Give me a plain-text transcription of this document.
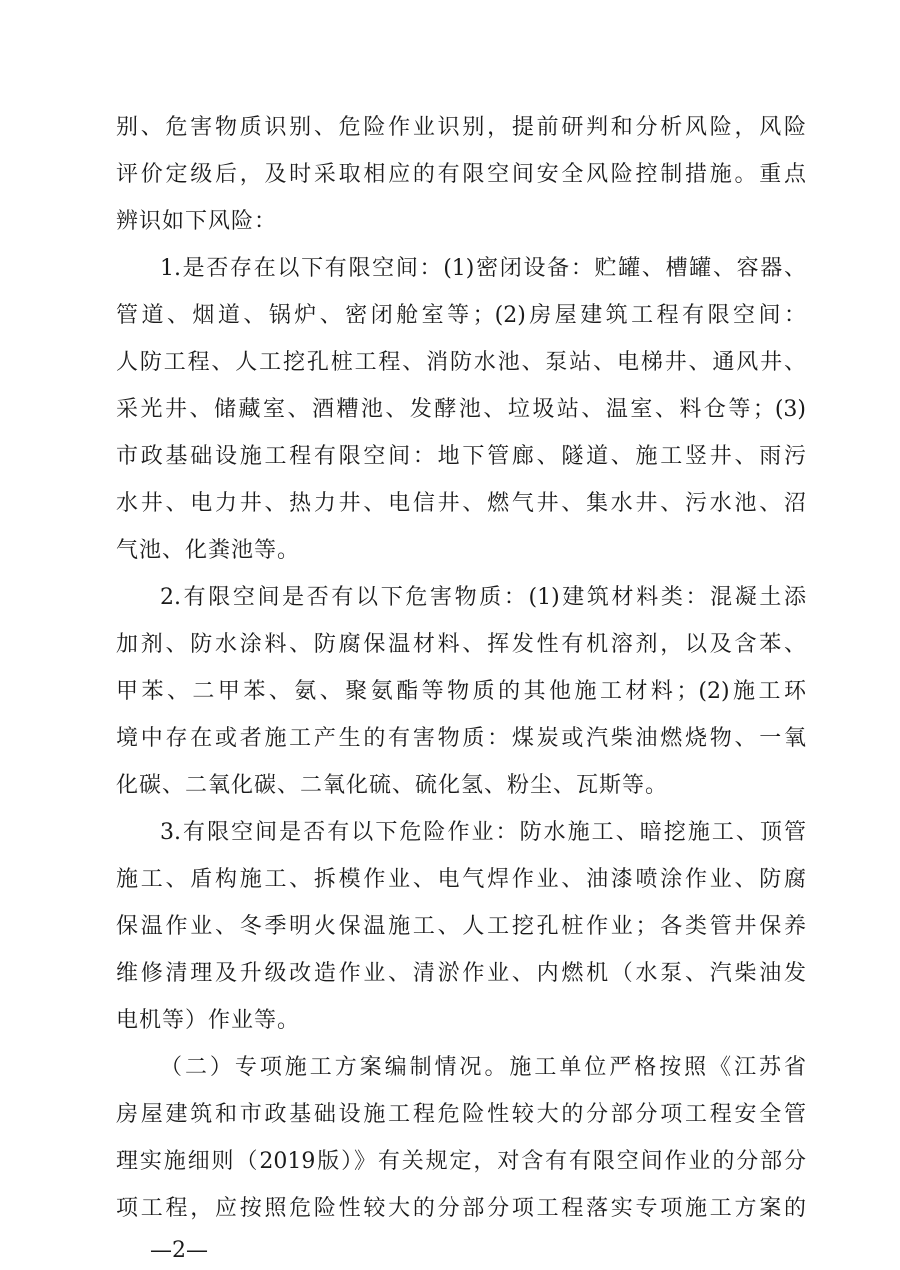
别、危害物质识别、危险作业识别，提前研判和分析风险，风险
评价定级后，及时采取相应的有限空间安全风险控制措施。重点
辨识如下风险：
1.是否存在以下有限空间：(1)密闭设备：贮罐、槽罐、容器、
管道、烟道、锅炉、密闭舱室等；(2)房屋建筑工程有限空间：
人防工程、人工挖孔桩工程、消防水池、泵站、电梯井、通风井、
采光井、储藏室、酒糟池、发酵池、垃圾站、温室、料仓等；(3)
市政基础设施工程有限空间：地下管廊、隧道、施工竖井、雨污
水井、电力井、热力井、电信井、燃气井、集水井、污水池、沼
气池、化粪池等。
2.有限空间是否有以下危害物质：(1)建筑材料类：混凝土添
加剂、防水涂料、防腐保温材料、挥发性有机溶剂，以及含苯、
甲苯、二甲苯、氨、聚氨酯等物质的其他施工材料；(2)施工环
境中存在或者施工产生的有害物质：煤炭或汽柴油燃烧物、一氧
化碳、二氧化碳、二氧化硫、硫化氢、粉尘、瓦斯等。
3.有限空间是否有以下危险作业：防水施工、暗挖施工、顶管
施工、盾构施工、拆模作业、电气焊作业、油漆喷涂作业、防腐
保温作业、冬季明火保温施工、人工挖孔桩作业；各类管井保养
维修清理及升级改造作业、清淤作业、内燃机（水泵、汽柴油发
电机等）作业等。
（二）专项施工方案编制情况。施工单位严格按照《江苏省
房屋建筑和市政基础设施工程危险性较大的分部分项工程安全管
理实施细则（2019版）》有关规定，对含有有限空间作业的分部分
项工程，应按照危险性较大的分部分项工程落实专项施工方案的
—2—
